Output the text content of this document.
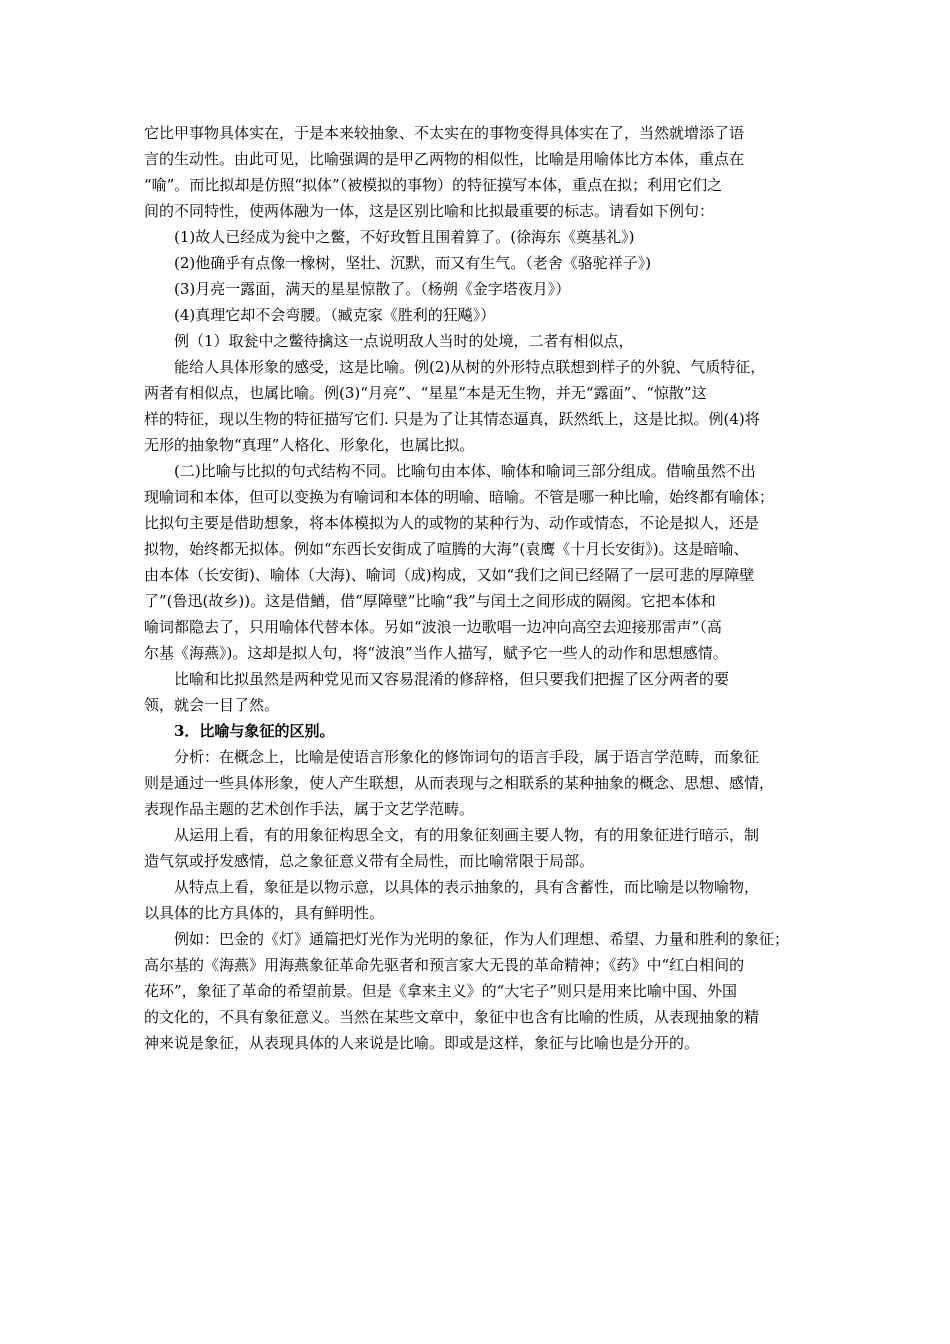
它比甲事物具体实在，于是本来较抽象、不太实在的事物变得具体实在了，当然就增添了语
言的生动性。由此可见，比喻强调的是甲乙两物的相似性，比喻是用喻体比方本体，重点在
“喻”。而比拟却是仿照“拟体”（被模拟的事物）的特征摸写本体，重点在拟；利用它们之
间的不同特性，使两体融为一体，这是区别比喻和比拟最重要的标志。请看如下例句：
(1)故人已经成为瓮中之鳖，不好玫暂且围着算了。(徐海东《奠基礼》)
(2)他确乎有点像一橡树，坚壮、沉默，而又有生气。（老舍《骆驼祥子》)
(3)月亮一露面，满天的星星惊散了。（杨朔《金字塔夜月》）
(4)真理它却不会弯腰。（臧克家《胜利的狂飚》）
例（1）取瓮中之鳖待擒这一点说明敌人当时的处境，二者有相似点，
能给人具体形象的感受，这是比喻。例(2)从树的外形特点联想到样子的外貌、气质特征，
两者有相似点，也属比喻。例(3)“月亮”、“星星”本是无生物，并无“露面”、“惊散”这
样的特征，现以生物的特征描写它们. 只是为了让其情态逼真，跃然纸上，这是比拟。例(4)将
无形的抽象物“真理”人格化、形象化，也属比拟。
(二)比喻与比拟的句式结构不同。比喻句由本体、喻体和喻词三部分组成。借喻虽然不出
现喻词和本体，但可以变换为有喻词和本体的明喻、暗喻。不管是哪一种比喻，始终都有喻体；
比拟句主要是借助想象，将本体模拟为人的或物的某种行为、动作或情态，不论是拟人，还是
拟物，始终都无拟体。例如“东西长安街成了喧腾的大海”(袁鹰《十月长安街》)。这是暗喻、
由本体（长安街)、喻体（大海)、喻词（成)构成，又如“我们之间已经隔了一层可悲的厚障壁
了”(鲁迅(故乡))。这是借鰌，借“厚障壁”比喻“我”与闰土之间形成的隔阂。它把本体和
喻词都隐去了，只用喻体代替本体。另如“波浪一边歌唱一边冲向高空去迎接那雷声”（高
尔基《海燕》)。这却是拟人句，将“波浪”当作人描写，赋予它一些人的动作和思想感情。
比喻和比拟虽然是两种党见而又容易混淆的修辞格，但只要我们把握了区分两者的要
领，就会一目了然。
3．比喻与象征的区别。
分析：在概念上，比喻是使语言形象化的修饰词句的语言手段，属于语言学范畴，而象征
则是通过一些具体形象，使人产生联想，从而表现与之相联系的某种抽象的概念、思想、感情，
表现作品主题的艺术创作手法，属于文艺学范畴。
从运用上看，有的用象征构思全文，有的用象征刻画主要人物，有的用象征进行暗示，制
造气氛或抒发感情，总之象征意义带有全局性，而比喻常限于局部。
从特点上看，象征是以物示意，以具体的表示抽象的，具有含蓄性，而比喻是以物喻物，
以具体的比方具体的，具有鲜明性。
例如：巴金的《灯》通篇把灯光作为光明的象征，作为人们理想、希望、力量和胜利的象征；
高尔基的《海燕》用海燕象征革命先驱者和预言家大无畏的革命精神；《药》中“红白相间的
花环”，象征了革命的希望前景。但是《拿来主义》的“大宅子”则只是用来比喻中国、外国
的文化的，不具有象征意义。当然在某些文章中，象征中也含有比喻的性质，从表现抽象的精
神来说是象征，从表现具体的人来说是比喻。即或是这样，象征与比喻也是分开的。
